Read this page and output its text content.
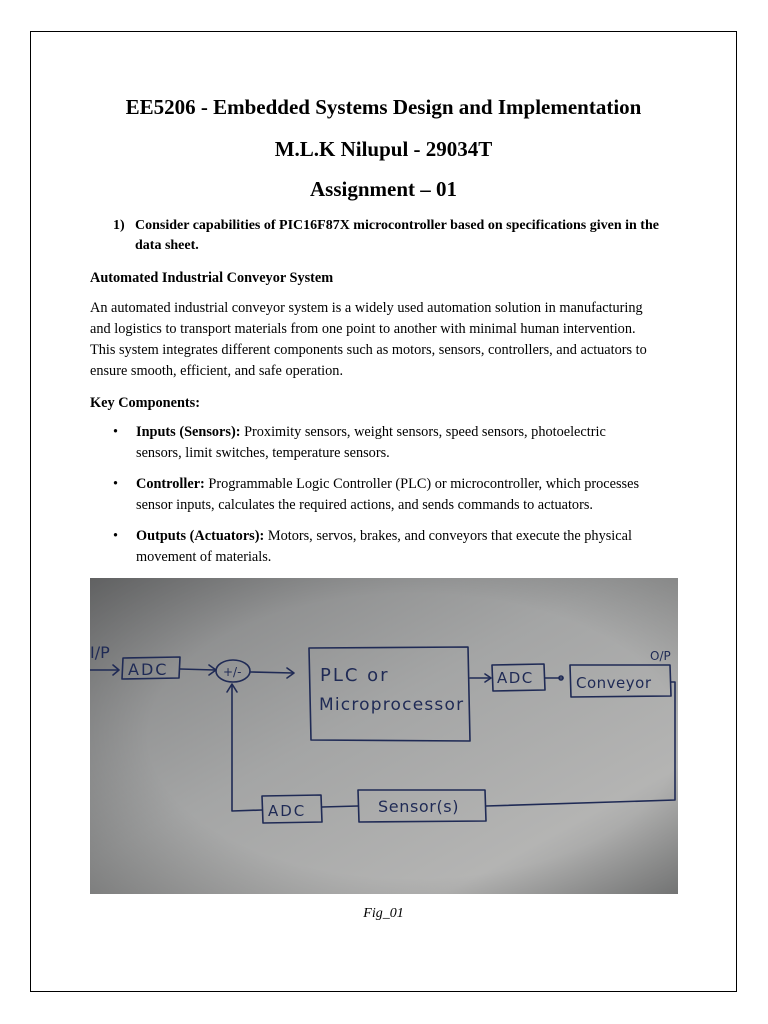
EE5206 - Embedded Systems Design and Implementation
M.L.K Nilupul - 29034T
Assignment – 01
1) Consider capabilities of PIC16F87X microcontroller based on specifications given in the data sheet.
Automated Industrial Conveyor System
An automated industrial conveyor system is a widely used automation solution in manufacturing
and logistics to transport materials from one point to another with minimal human intervention.
This system integrates different components such as motors, sensors, controllers, and actuators to
ensure smooth, efficient, and safe operation.
Key Components:
• Inputs (Sensors): Proximity sensors, weight sensors, speed sensors, photoelectric
sensors, limit switches, temperature sensors.
• Controller: Programmable Logic Controller (PLC) or microcontroller, which processes
sensor inputs, calculates the required actions, and sends commands to actuators.
• Outputs (Actuators): Motors, servos, brakes, and conveyors that execute the physical
movement of materials.
I/P
ADC	+/-	PLC or
Microprocessor
ADC	Conveyor
O/P
ADC	Sensor(s)
Fig_01
